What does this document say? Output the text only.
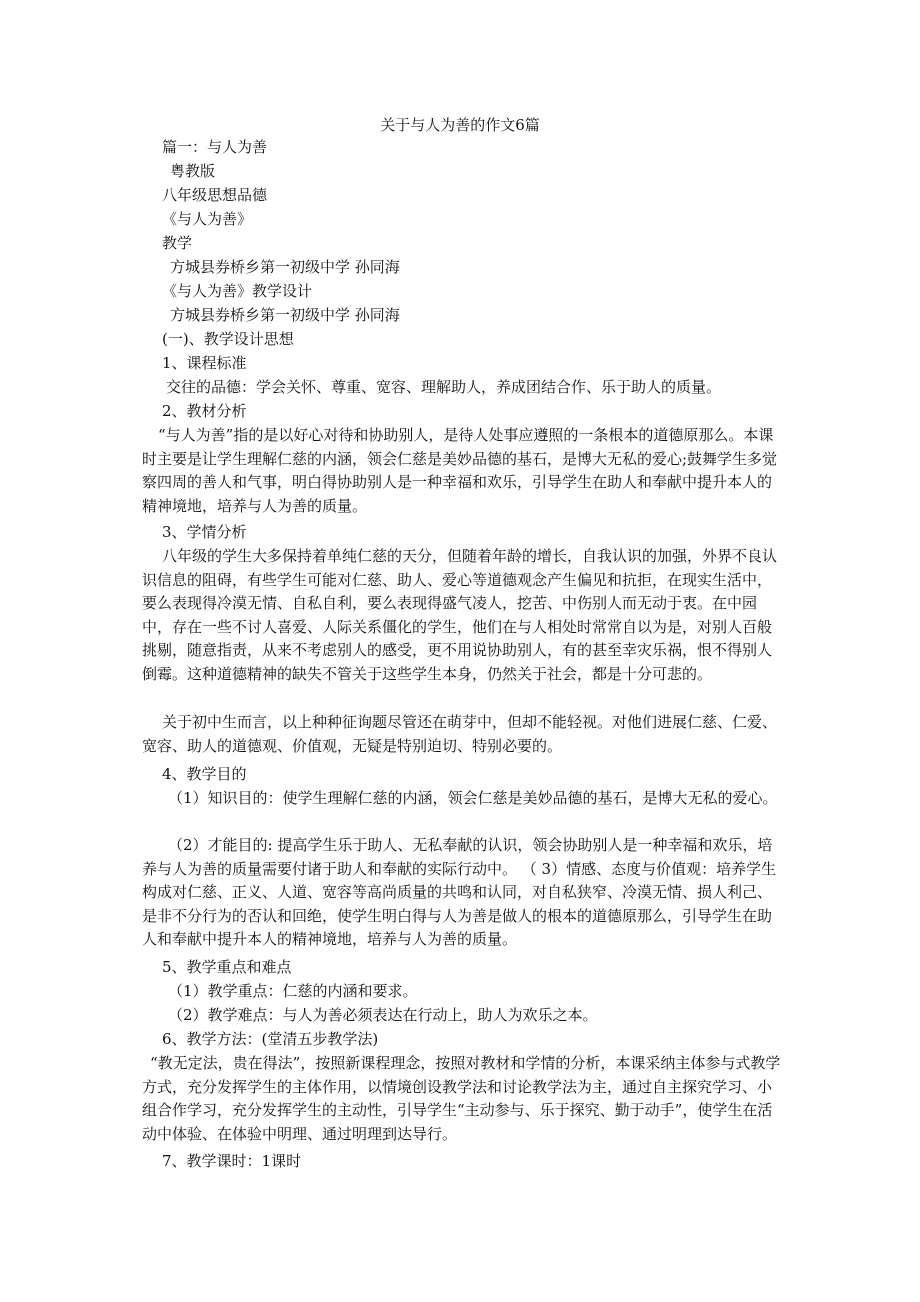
关于与人为善的作文6篇
篇一：与人为善
粤教版
八年级思想品德
《与人为善》
教学
方城县券桥乡第一初级中学 孙同海
《与人为善》教学设计
方城县券桥乡第一初级中学 孙同海
(一)、教学设计思想
1、课程标准
交往的品德：学会关怀、尊重、宽容、理解助人，养成团结合作、乐于助人的质量。
2、教材分析
“与人为善”指的是以好心对待和协助别人，是待人处事应遵照的一条根本的道德原那么。本课时主要是让学生理解仁慈的内涵，领会仁慈是美妙品德的基石，是博大无私的爱心;鼓舞学生多觉察四周的善人和气事，明白得协助别人是一种幸福和欢乐，引导学生在助人和奉献中提升本人的精神境地，培养与人为善的质量。
3、学情分析
八年级的学生大多保持着单纯仁慈的天分，但随着年龄的增长，自我认识的加强，外界不良认识信息的阻碍，有些学生可能对仁慈、助人、爱心等道德观念产生偏见和抗拒，在现实生活中，要么表现得冷漠无情、自私自利，要么表现得盛气凌人，挖苦、中伤别人而无动于衷。在中园中，存在一些不讨人喜爱、人际关系僵化的学生，他们在与人相处时常常自以为是，对别人百般挑剔，随意指责，从来不考虑别人的感受，更不用说协助别人，有的甚至幸灾乐祸，恨不得别人倒霉。这种道德精神的缺失不管关于这些学生本身，仍然关于社会，都是十分可悲的。
关于初中生而言，以上种种征询题尽管还在萌芽中，但却不能轻视。对他们进展仁慈、仁爱、宽容、助人的道德观、价值观，无疑是特别迫切、特别必要的。
4、教学目的
（1）知识目的：使学生理解仁慈的内涵，领会仁慈是美妙品德的基石，是博大无私的爱心。
（2）才能目的: 提高学生乐于助人、无私奉献的认识，领会协助别人是一种幸福和欢乐，培养与人为善的质量需要付诸于助人和奉献的实际行动中。 （ 3）情感、态度与价值观：培养学生构成对仁慈、正义、人道、宽容等高尚质量的共鸣和认同，对自私狭窄、冷漠无情、损人利己、是非不分行为的否认和回绝，使学生明白得与人为善是做人的根本的道德原那么，引导学生在助人和奉献中提升本人的精神境地，培养与人为善的质量。
5、教学重点和难点
（1）教学重点：仁慈的内涵和要求。
（2）教学难点：与人为善必须表达在行动上，助人为欢乐之本。
6、教学方法：(堂清五步教学法)
“教无定法，贵在得法”，按照新课程理念，按照对教材和学情的分析，本课采纳主体参与式教学方式，充分发挥学生的主体作用，以情境创设教学法和讨论教学法为主，通过自主探究学习、小组合作学习，充分发挥学生的主动性，引导学生“主动参与、乐于探究、勤于动手”，使学生在活动中体验、在体验中明理、通过明理到达导行。
7、教学课时：1课时
